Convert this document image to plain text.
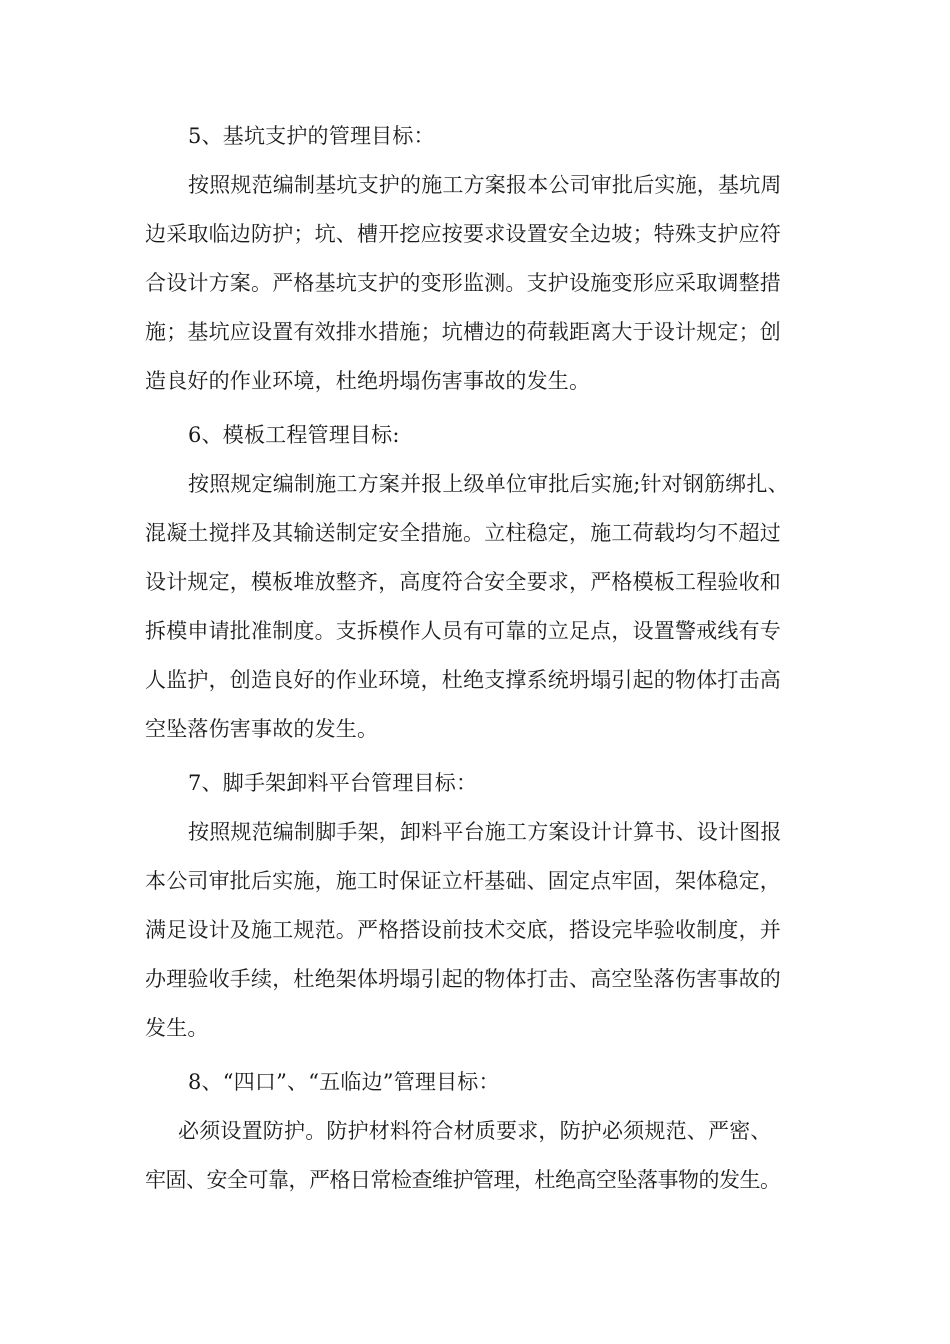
5、基坑支护的管理目标：
按照规范编制基坑支护的施工方案报本公司审批后实施，基坑周
边采取临边防护；坑、槽开挖应按要求设置安全边坡；特殊支护应符
合设计方案。严格基坑支护的变形监测。支护设施变形应采取调整措
施；基坑应设置有效排水措施；坑槽边的荷载距离大于设计规定；创
造良好的作业环境，杜绝坍塌伤害事故的发生。
6、模板工程管理目标:
按照规定编制施工方案并报上级单位审批后实施;针对钢筋绑扎、
混凝土搅拌及其输送制定安全措施。立柱稳定，施工荷载均匀不超过
设计规定，模板堆放整齐，高度符合安全要求，严格模板工程验收和
拆模申请批准制度。支拆模作人员有可靠的立足点，设置警戒线有专
人监护，创造良好的作业环境，杜绝支撑系统坍塌引起的物体打击高
空坠落伤害事故的发生。
7、脚手架卸料平台管理目标：
按照规范编制脚手架，卸料平台施工方案设计计算书、设计图报
本公司审批后实施，施工时保证立杆基础、固定点牢固，架体稳定，
满足设计及施工规范。严格搭设前技术交底，搭设完毕验收制度，并
办理验收手续，杜绝架体坍塌引起的物体打击、高空坠落伤害事故的
发生。
8、“四口”、“五临边”管理目标：
必须设置防护。防护材料符合材质要求，防护必须规范、严密、
牢固、安全可靠，严格日常检查维护管理，杜绝高空坠落事物的发生。
